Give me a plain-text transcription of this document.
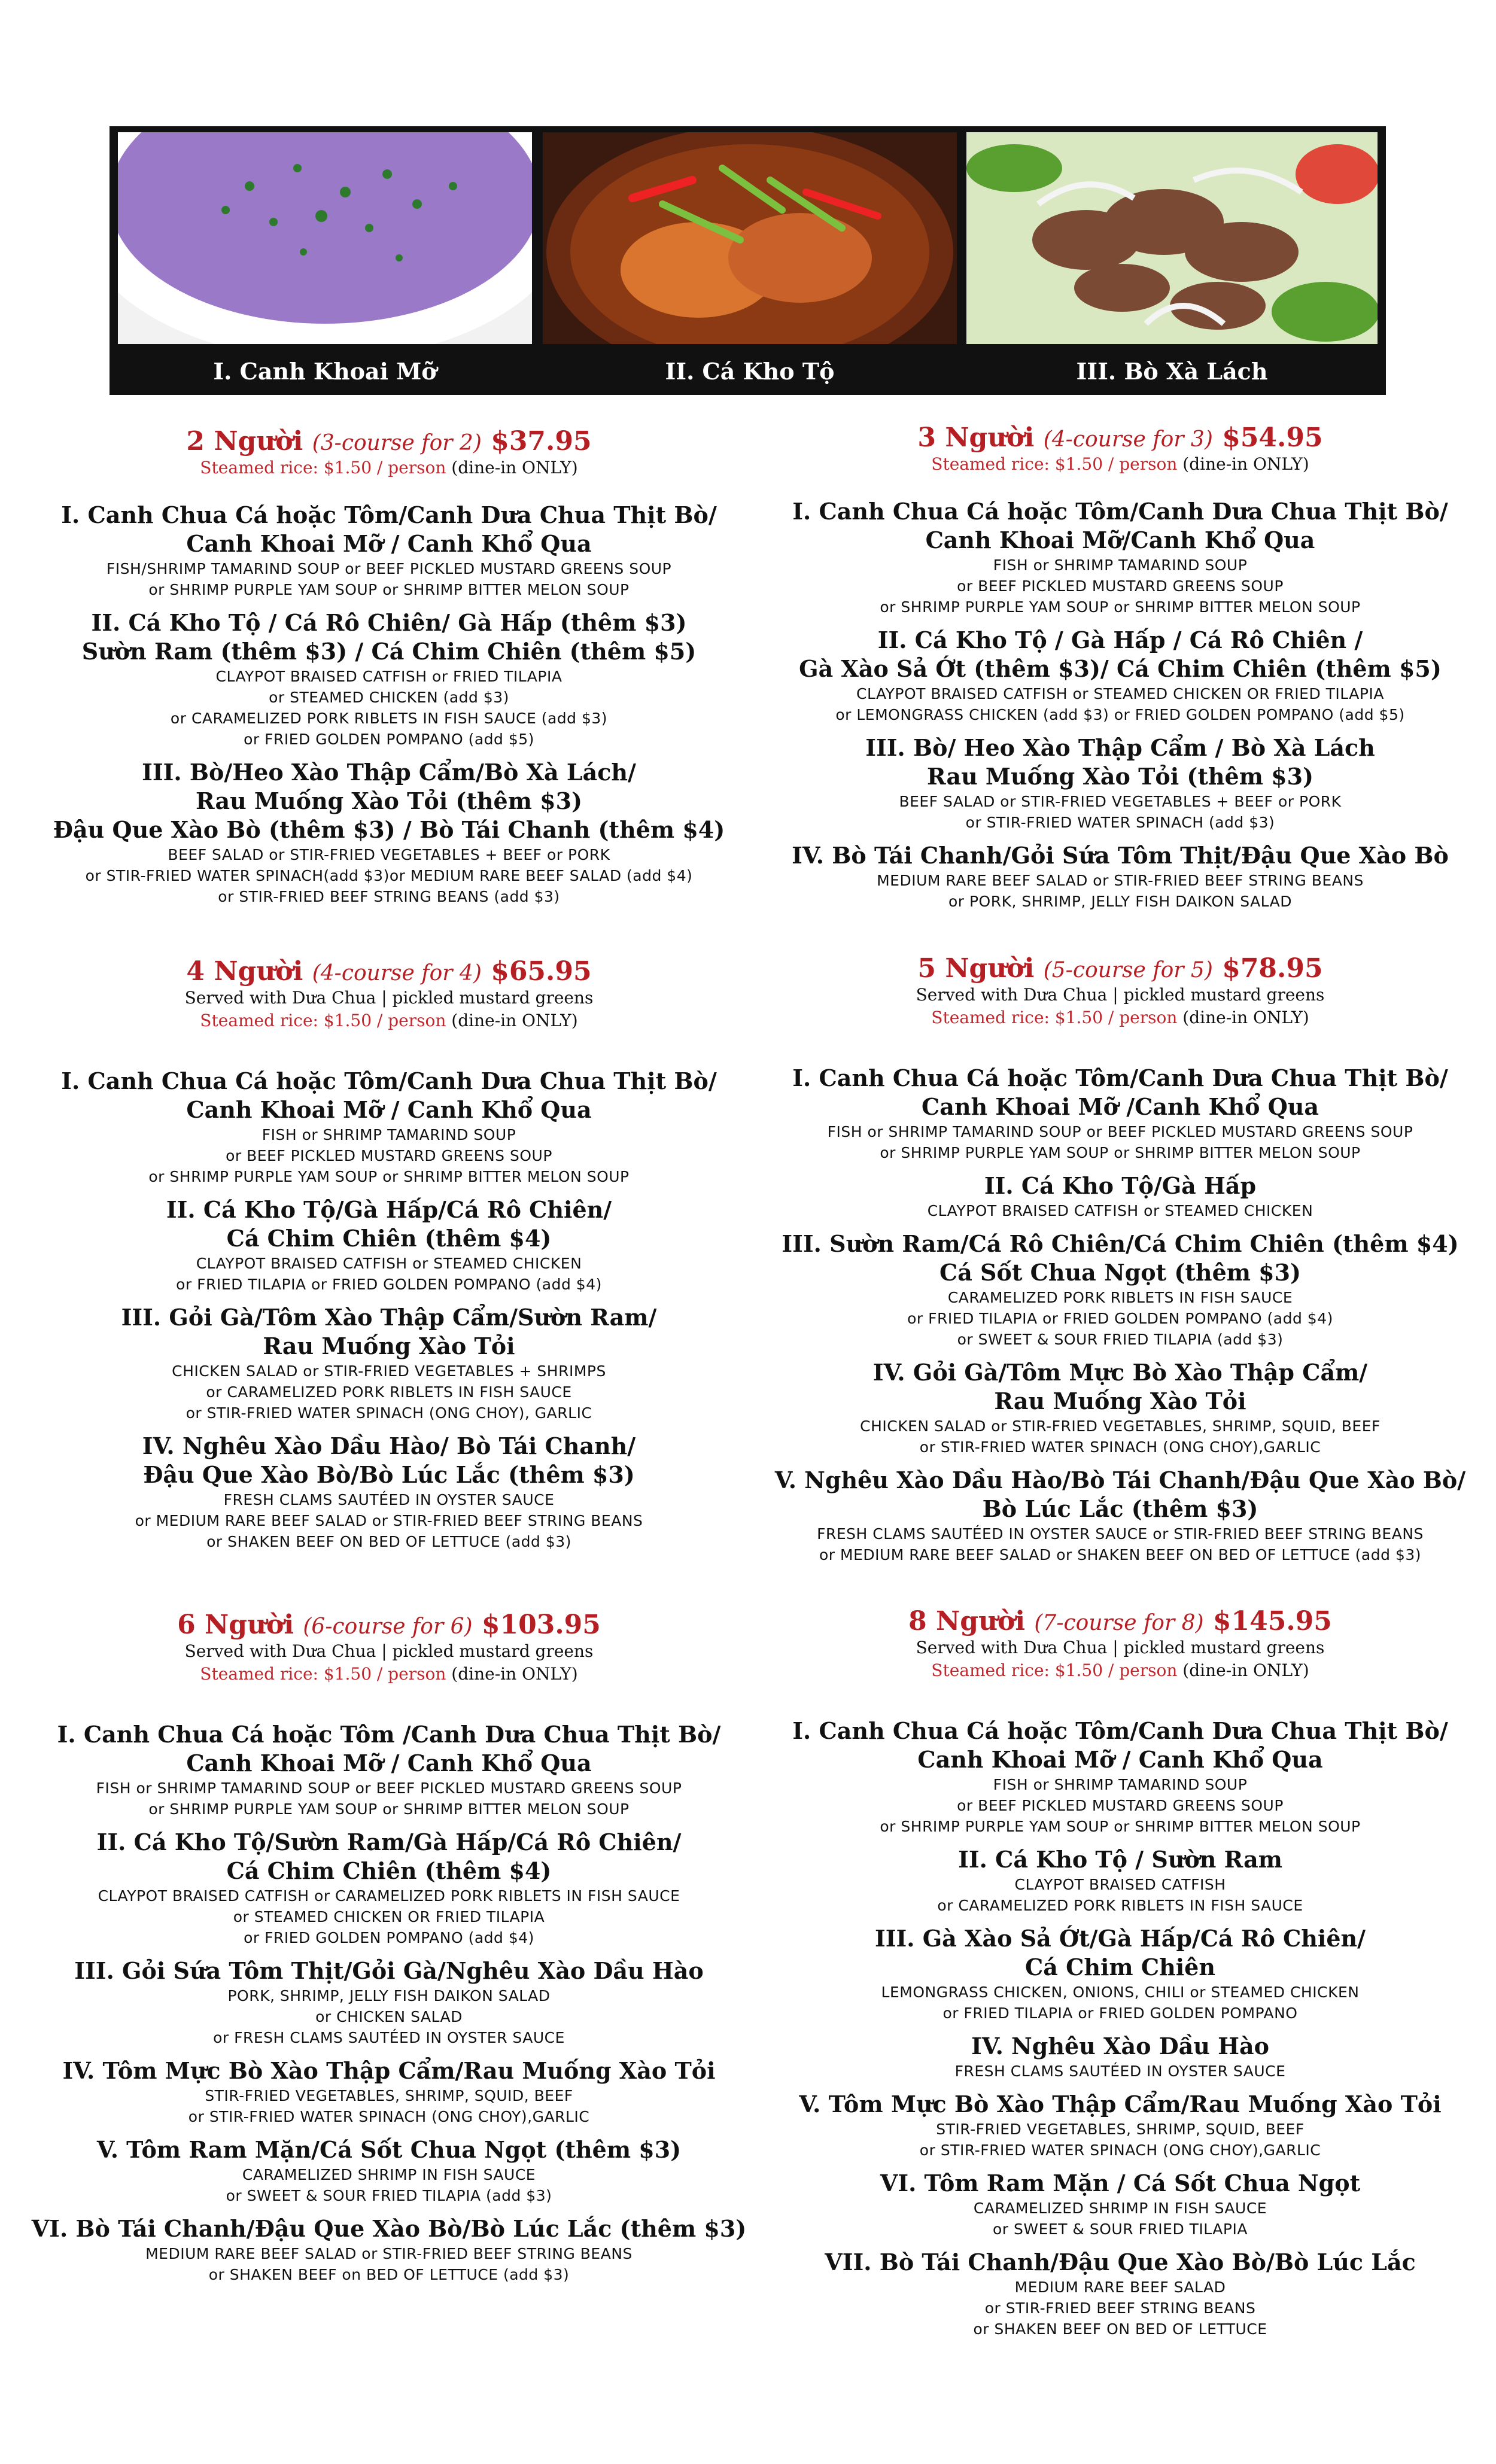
I. Canh Khoai Mỡ	II. Cá Kho Tộ	III. Bò Xà Lách
2 Người (3-course for 2) $37.95
Steamed rice: $1.50 / person (dine-in ONLY)
I. Canh Chua Cá hoặc Tôm/Canh Dưa Chua Thịt Bò/
Canh Khoai Mỡ / Canh Khổ Qua
FISH/SHRIMP TAMARIND SOUP or BEEF PICKLED MUSTARD GREENS SOUP
or SHRIMP PURPLE YAM SOUP or SHRIMP BITTER MELON SOUP
II. Cá Kho Tộ / Cá Rô Chiên/ Gà Hấp (thêm $3)
Sườn Ram (thêm $3) / Cá Chim Chiên (thêm $5)
CLAYPOT BRAISED CATFISH or FRIED TILAPIA
or STEAMED CHICKEN (add $3)
or CARAMELIZED PORK RIBLETS IN FISH SAUCE (add $3)
or FRIED GOLDEN POMPANO (add $5)
III. Bò/Heo Xào Thập Cẩm/Bò Xà Lách/
Rau Muống Xào Tỏi (thêm $3)
Đậu Que Xào Bò (thêm $3) / Bò Tái Chanh (thêm $4)
BEEF SALAD or STIR-FRIED VEGETABLES + BEEF or PORK
or STIR-FRIED WATER SPINACH(add $3)or MEDIUM RARE BEEF SALAD (add $4)
or STIR-FRIED BEEF STRING BEANS (add $3)
3 Người (4-course for 3) $54.95
Steamed rice: $1.50 / person (dine-in ONLY)
I. Canh Chua Cá hoặc Tôm/Canh Dưa Chua Thịt Bò/
Canh Khoai Mỡ/Canh Khổ Qua
FISH or SHRIMP TAMARIND SOUP
or BEEF PICKLED MUSTARD GREENS SOUP
or SHRIMP PURPLE YAM SOUP or SHRIMP BITTER MELON SOUP
II. Cá Kho Tộ / Gà Hấp / Cá Rô Chiên /
Gà Xào Sả Ớt (thêm $3)/ Cá Chim Chiên (thêm $5)
CLAYPOT BRAISED CATFISH or STEAMED CHICKEN OR FRIED TILAPIA
or LEMONGRASS CHICKEN (add $3) or FRIED GOLDEN POMPANO (add $5)
III. Bò/ Heo Xào Thập Cẩm / Bò Xà Lách
Rau Muống Xào Tỏi (thêm $3)
BEEF SALAD or STIR-FRIED VEGETABLES + BEEF or PORK
or STIR-FRIED WATER SPINACH (add $3)
IV. Bò Tái Chanh/Gỏi Sứa Tôm Thịt/Đậu Que Xào Bò
MEDIUM RARE BEEF SALAD or STIR-FRIED BEEF STRING BEANS
or PORK, SHRIMP, JELLY FISH DAIKON SALAD
4 Người (4-course for 4) $65.95
Served with Dưa Chua | pickled mustard greens
Steamed rice: $1.50 / person (dine-in ONLY)
I. Canh Chua Cá hoặc Tôm/Canh Dưa Chua Thịt Bò/
Canh Khoai Mỡ / Canh Khổ Qua
FISH or SHRIMP TAMARIND SOUP
or BEEF PICKLED MUSTARD GREENS SOUP
or SHRIMP PURPLE YAM SOUP or SHRIMP BITTER MELON SOUP
II. Cá Kho Tộ/Gà Hấp/Cá Rô Chiên/
Cá Chim Chiên (thêm $4)
CLAYPOT BRAISED CATFISH or STEAMED CHICKEN
or FRIED TILAPIA or FRIED GOLDEN POMPANO (add $4)
III. Gỏi Gà/Tôm Xào Thập Cẩm/Sườn Ram/
Rau Muống Xào Tỏi
CHICKEN SALAD or STIR-FRIED VEGETABLES + SHRIMPS
or CARAMELIZED PORK RIBLETS IN FISH SAUCE
or STIR-FRIED WATER SPINACH (ONG CHOY), GARLIC
IV. Nghêu Xào Dầu Hào/ Bò Tái Chanh/
Đậu Que Xào Bò/Bò Lúc Lắc (thêm $3)
FRESH CLAMS SAUTÉED IN OYSTER SAUCE
or MEDIUM RARE BEEF SALAD or STIR-FRIED BEEF STRING BEANS
or SHAKEN BEEF ON BED OF LETTUCE (add $3)
5 Người (5-course for 5) $78.95
Served with Dưa Chua | pickled mustard greens
Steamed rice: $1.50 / person (dine-in ONLY)
I. Canh Chua Cá hoặc Tôm/Canh Dưa Chua Thịt Bò/
Canh Khoai Mỡ /Canh Khổ Qua
FISH or SHRIMP TAMARIND SOUP or BEEF PICKLED MUSTARD GREENS SOUP
or SHRIMP PURPLE YAM SOUP or SHRIMP BITTER MELON SOUP
II. Cá Kho Tộ/Gà Hấp
CLAYPOT BRAISED CATFISH or STEAMED CHICKEN
III. Sườn Ram/Cá Rô Chiên/Cá Chim Chiên (thêm $4)
Cá Sốt Chua Ngọt (thêm $3)
CARAMELIZED PORK RIBLETS IN FISH SAUCE
or FRIED TILAPIA or FRIED GOLDEN POMPANO (add $4)
or SWEET & SOUR FRIED TILAPIA (add $3)
IV. Gỏi Gà/Tôm Mực Bò Xào Thập Cẩm/
Rau Muống Xào Tỏi
CHICKEN SALAD or STIR-FRIED VEGETABLES, SHRIMP, SQUID, BEEF
or STIR-FRIED WATER SPINACH (ONG CHOY),GARLIC
V. Nghêu Xào Dầu Hào/Bò Tái Chanh/Đậu Que Xào Bò/
Bò Lúc Lắc (thêm $3)
FRESH CLAMS SAUTÉED IN OYSTER SAUCE or STIR-FRIED BEEF STRING BEANS
or MEDIUM RARE BEEF SALAD or SHAKEN BEEF ON BED OF LETTUCE (add $3)
6 Người (6-course for 6) $103.95
Served with Dưa Chua | pickled mustard greens
Steamed rice: $1.50 / person (dine-in ONLY)
I. Canh Chua Cá hoặc Tôm /Canh Dưa Chua Thịt Bò/
Canh Khoai Mỡ / Canh Khổ Qua
FISH or SHRIMP TAMARIND SOUP or BEEF PICKLED MUSTARD GREENS SOUP
or SHRIMP PURPLE YAM SOUP or SHRIMP BITTER MELON SOUP
II. Cá Kho Tộ/Sườn Ram/Gà Hấp/Cá Rô Chiên/
Cá Chim Chiên (thêm $4)
CLAYPOT BRAISED CATFISH or CARAMELIZED PORK RIBLETS IN FISH SAUCE
or STEAMED CHICKEN OR FRIED TILAPIA
or FRIED GOLDEN POMPANO (add $4)
III. Gỏi Sứa Tôm Thịt/Gỏi Gà/Nghêu Xào Dầu Hào
PORK, SHRIMP, JELLY FISH DAIKON SALAD
or CHICKEN SALAD
or FRESH CLAMS SAUTÉED IN OYSTER SAUCE
IV. Tôm Mực Bò Xào Thập Cẩm/Rau Muống Xào Tỏi
STIR-FRIED VEGETABLES, SHRIMP, SQUID, BEEF
or STIR-FRIED WATER SPINACH (ONG CHOY),GARLIC
V. Tôm Ram Mặn/Cá Sốt Chua Ngọt (thêm $3)
CARAMELIZED SHRIMP IN FISH SAUCE
or SWEET & SOUR FRIED TILAPIA (add $3)
VI. Bò Tái Chanh/Đậu Que Xào Bò/Bò Lúc Lắc (thêm $3)
MEDIUM RARE BEEF SALAD or STIR-FRIED BEEF STRING BEANS
or SHAKEN BEEF on BED OF LETTUCE (add $3)
8 Người (7-course for 8) $145.95
Served with Dưa Chua | pickled mustard greens
Steamed rice: $1.50 / person (dine-in ONLY)
I. Canh Chua Cá hoặc Tôm/Canh Dưa Chua Thịt Bò/
Canh Khoai Mỡ / Canh Khổ Qua
FISH or SHRIMP TAMARIND SOUP
or BEEF PICKLED MUSTARD GREENS SOUP
or SHRIMP PURPLE YAM SOUP or SHRIMP BITTER MELON SOUP
II. Cá Kho Tộ / Sườn Ram
CLAYPOT BRAISED CATFISH
or CARAMELIZED PORK RIBLETS IN FISH SAUCE
III. Gà Xào Sả Ớt/Gà Hấp/Cá Rô Chiên/
Cá Chim Chiên
LEMONGRASS CHICKEN, ONIONS, CHILI or STEAMED CHICKEN
or FRIED TILAPIA or FRIED GOLDEN POMPANO
IV. Nghêu Xào Dầu Hào
FRESH CLAMS SAUTÉED IN OYSTER SAUCE
V. Tôm Mực Bò Xào Thập Cẩm/Rau Muống Xào Tỏi
STIR-FRIED VEGETABLES, SHRIMP, SQUID, BEEF
or STIR-FRIED WATER SPINACH (ONG CHOY),GARLIC
VI. Tôm Ram Mặn / Cá Sốt Chua Ngọt
CARAMELIZED SHRIMP IN FISH SAUCE
or SWEET & SOUR FRIED TILAPIA
VII. Bò Tái Chanh/Đậu Que Xào Bò/Bò Lúc Lắc
MEDIUM RARE BEEF SALAD
or STIR-FRIED BEEF STRING BEANS
or SHAKEN BEEF ON BED OF LETTUCE
